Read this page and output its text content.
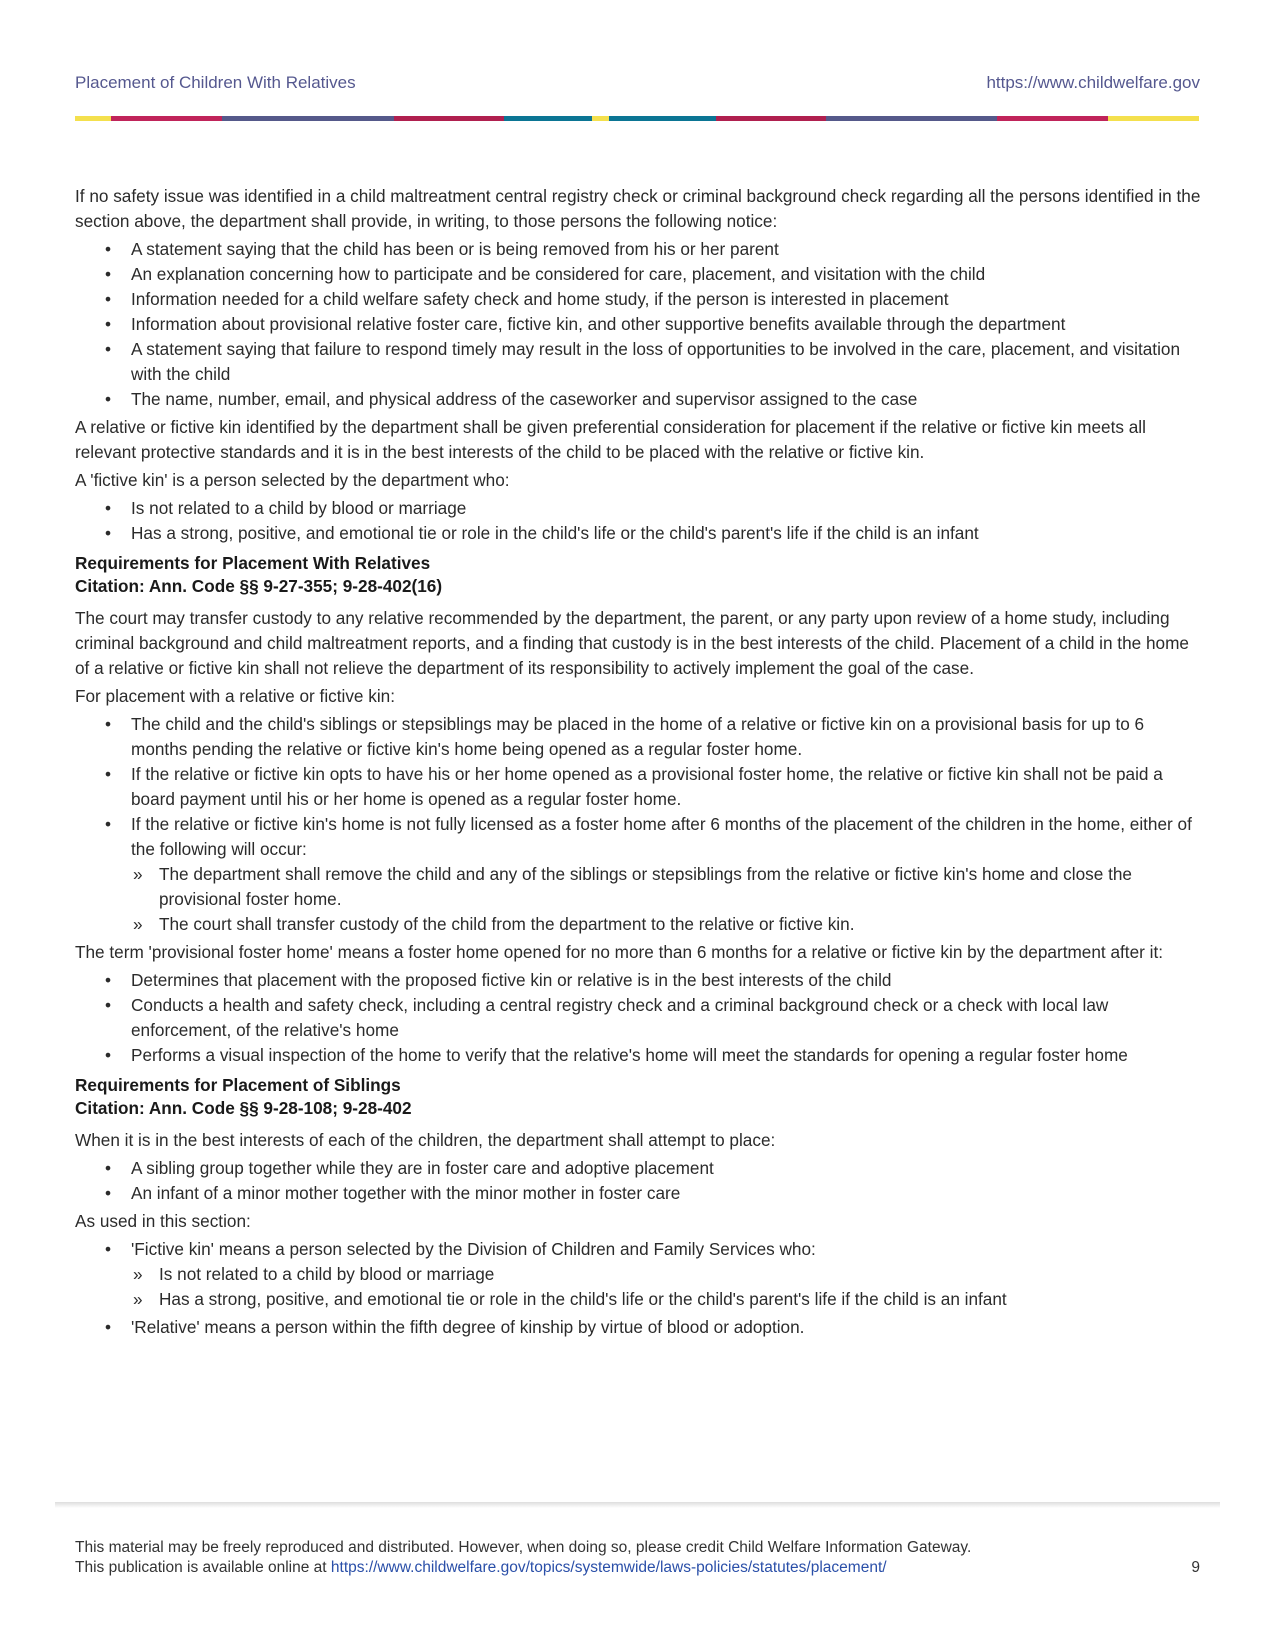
Placement of Children With Relatives	https://www.childwelfare.gov

If no safety issue was identified in a child maltreatment central registry check or criminal background check regarding all the persons identified in the section above, the department shall provide, in writing, to those persons the following notice:

• A statement saying that the child has been or is being removed from his or her parent
• An explanation concerning how to participate and be considered for care, placement, and visitation with the child
• Information needed for a child welfare safety check and home study, if the person is interested in placement
• Information about provisional relative foster care, fictive kin, and other supportive benefits available through the department
• A statement saying that failure to respond timely may result in the loss of opportunities to be involved in the care, placement, and visitation with the child
• The name, number, email, and physical address of the caseworker and supervisor assigned to the case

A relative or fictive kin identified by the department shall be given preferential consideration for placement if the relative or fictive kin meets all relevant protective standards and it is in the best interests of the child to be placed with the relative or fictive kin.

A 'fictive kin' is a person selected by the department who:

• Is not related to a child by blood or marriage
• Has a strong, positive, and emotional tie or role in the child's life or the child's parent's life if the child is an infant
Requirements for Placement With Relatives
Citation: Ann. Code §§ 9-27-355; 9-28-402(16)

The court may transfer custody to any relative recommended by the department, the parent, or any party upon review of a home study, including criminal background and child maltreatment reports, and a finding that custody is in the best interests of the child. Placement of a child in the home of a relative or fictive kin shall not relieve the department of its responsibility to actively implement the goal of the case.

For placement with a relative or fictive kin:

• The child and the child's siblings or stepsiblings may be placed in the home of a relative or fictive kin on a provisional basis for up to 6 months pending the relative or fictive kin's home being opened as a regular foster home.
• If the relative or fictive kin opts to have his or her home opened as a provisional foster home, the relative or fictive kin shall not be paid a board payment until his or her home is opened as a regular foster home.
• If the relative or fictive kin's home is not fully licensed as a foster home after 6 months of the placement of the children in the home, either of the following will occur:
» The department shall remove the child and any of the siblings or stepsiblings from the relative or fictive kin's home and close the provisional foster home.
» The court shall transfer custody of the child from the department to the relative or fictive kin.

The term 'provisional foster home' means a foster home opened for no more than 6 months for a relative or fictive kin by the department after it:

• Determines that placement with the proposed fictive kin or relative is in the best interests of the child
• Conducts a health and safety check, including a central registry check and a criminal background check or a check with local law enforcement, of the relative's home
• Performs a visual inspection of the home to verify that the relative's home will meet the standards for opening a regular foster home
Requirements for Placement of Siblings
Citation: Ann. Code §§ 9-28-108; 9-28-402

When it is in the best interests of each of the children, the department shall attempt to place:

• A sibling group together while they are in foster care and adoptive placement
• An infant of a minor mother together with the minor mother in foster care

As used in this section:

• 'Fictive kin' means a person selected by the Division of Children and Family Services who:
» Is not related to a child by blood or marriage
» Has a strong, positive, and emotional tie or role in the child's life or the child's parent's life if the child is an infant
• 'Relative' means a person within the fifth degree of kinship by virtue of blood or adoption.
This material may be freely reproduced and distributed. However, when doing so, please credit Child Welfare Information Gateway.
This publication is available online at https://www.childwelfare.gov/topics/systemwide/laws-policies/statutes/placement/	9
